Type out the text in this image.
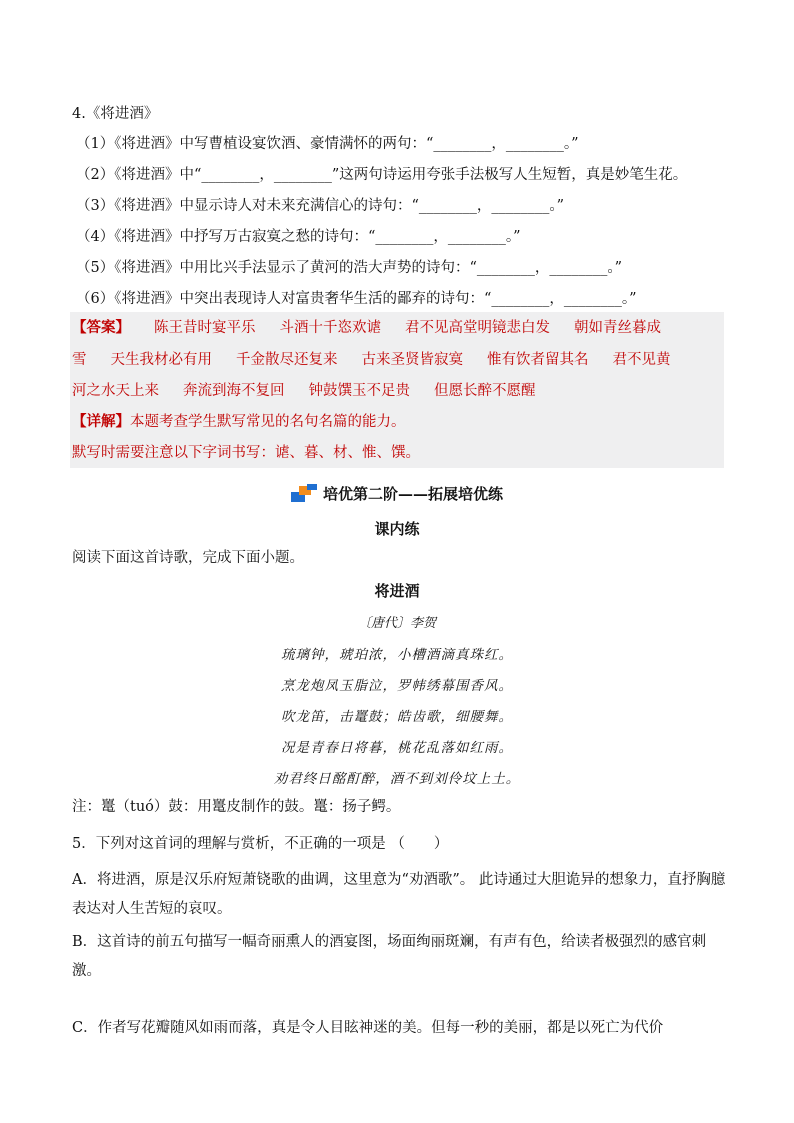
4.《将进酒》
（1）《将进酒》中写曹植设宴饮酒、豪情满怀的两句：“________，________。”
（2）《将进酒》中“________，________”这两句诗运用夸张手法极写人生短暂，真是妙笔生花。
（3）《将进酒》中显示诗人对未来充满信心的诗句：“________，________。”
（4）《将进酒》中抒写万古寂寞之愁的诗句：“________，________。”
（5）《将进酒》中用比兴手法显示了黄河的浩大声势的诗句：“________，________。”
（6）《将进酒》中突出表现诗人对富贵奢华生活的鄙弃的诗句：“________，________。”
【答案】 陈王昔时宴平乐 斗酒十千恣欢谑 君不见高堂明镜悲白发 朝如青丝暮成
雪 天生我材必有用 千金散尽还复来 古来圣贤皆寂寞 惟有饮者留其名 君不见黄
河之水天上来 奔流到海不复回 钟鼓馔玉不足贵 但愿长醉不愿醒
【详解】本题考查学生默写常见的名句名篇的能力。
默写时需要注意以下字词书写：谑、暮、材、惟、馔。
培优第二阶——拓展培优练
课内练
阅读下面这首诗歌，完成下面小题。
将进酒
〔唐代〕李贺
琉璃钟，琥珀浓，小槽酒滴真珠红。
烹龙炮凤玉脂泣，罗帏绣幕围香风。
吹龙笛，击鼍鼓；皓齿歌，细腰舞。
况是青春日将暮，桃花乱落如红雨。
劝君终日酩酊醉，酒不到刘伶坟上土。
注：鼍（tuó）鼓：用鼍皮制作的鼓。鼍：扬子鳄。
5．下列对这首词的理解与赏析，不正确的一项是 （　　）
A．将进酒，原是汉乐府短萧铙歌的曲调，这里意为“劝酒歌”。 此诗通过大胆诡异的想象力，直抒胸臆表达对人生苦短的哀叹。
B．这首诗的前五句描写一幅奇丽熏人的酒宴图，场面绚丽斑斓，有声有色，给读者极强烈的感官刺激。
C．作者写花瓣随风如雨而落，真是令人目眩神迷的美。但每一秒的美丽，都是以死亡为代价
